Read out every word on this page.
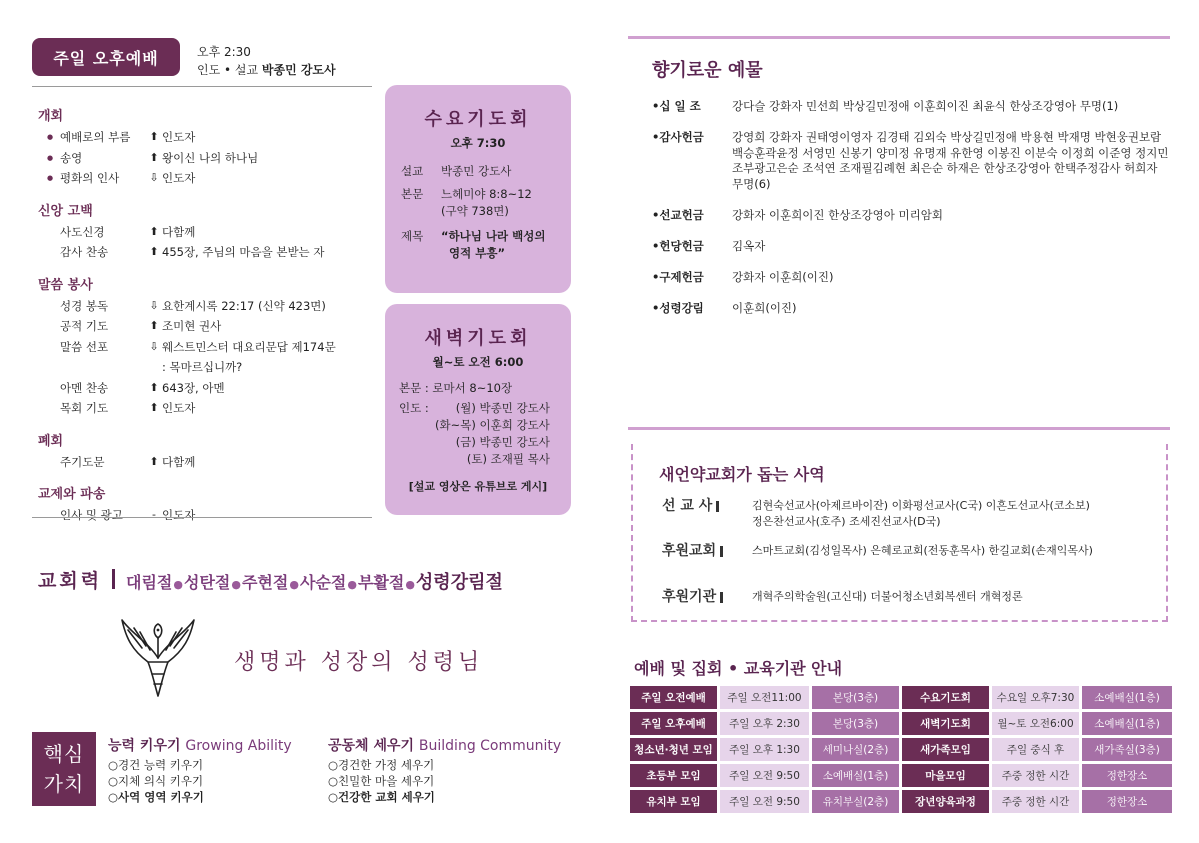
주일 오후예배	오후 2:30
인도 • 설교 박종민 강도사
개회
● 예배로의 부름	⬆ 인도자
● 송영	⬆ 왕이신 나의 하나님
● 평화의 인사	⇩ 인도자
신앙 고백
사도신경	⬆ 다함께
감사 찬송	⬆ 455장, 주님의 마음을 본받는 자
말씀 봉사
성경 봉독	⇩ 요한계시록 22:17 (신약 423면)
공적 기도	⬆ 조미현 권사
말씀 선포	⇩ 웨스트민스터 대요리문답 제174문
: 목마르십니까?
아멘 찬송	⬆ 643장, 아멘
목회 기도	⬆ 인도자
폐회
주기도문	⬆ 다함께
교제와 파송
인사 및 광고	- 인도자
수요기도회
오후 7:30
설교	박종민 강도사
본문	느헤미야 8:8~12
(구약 738면)
제목	“하나님 나라 백성의
영적 부흥”
새벽기도회
월~토 오전 6:00
본문 : 로마서 8~10장
인도 :	(월) 박종민 강도사
(화~목) 이훈희 강도사
(금) 박종민 강도사
(토) 조재필 목사
[설교 영상은 유튜브로 게시]
교회력 대림절●성탄절●주현절●사순절●부활절●성령강림절
생명과 성장의 성령님
핵심
가치
능력 키우기 Growing Ability
○경건 능력 키우기
○지체 의식 키우기
○사역 영역 키우기
공동체 세우기 Building Community
○경건한 가정 세우기
○친밀한 마을 세우기
○건강한 교회 세우기
향기로운 예물
•십 일 조	강다슬 강화자 민선희 박상길민정애 이훈희이진 최윤식 한상조강영아 무명(1)
•감사헌금	강영희 강화자 권태영이영자 김경태 김외숙 박상길민정애 박용현 박재명 박현웅권보람 백승훈곽윤정 서영민 신봉기 양미정 유명재 유한영 이봉진 이분숙 이정희 이준영 정지민 조부광고은순 조석연 조재필김례현 최은순 하재은 한상조강영아 한택주정감사 허희자 무명(6)
•선교헌금	강화자 이훈희이진 한상조강영아 미리암회
•헌당헌금	김옥자
•구제헌금	강화자 이훈희(이진)
•성령강림	이훈희(이진)
새언약교회가 돕는 사역
선 교 사	김현숙선교사(아제르바이잔) 이화평선교사(C국) 이흔도선교사(코소보)
정은찬선교사(호주) 조세진선교사(D국)
후원교회	스마트교회(김성일목사) 은혜로교회(전동훈목사) 한길교회(손재익목사)
후원기관	개혁주의학술원(고신대) 더불어청소년회복센터 개혁정론
예배 및 집회 • 교육기관 안내
주일 오전예배	주일 오전11:00	본당(3층)	수요기도회	수요일 오후7:30	소예배실(1층)
주일 오후예배	주일 오후 2:30	본당(3층)	새벽기도회	월~토 오전6:00	소예배실(1층)
청소년·청년 모임	주일 오후 1:30	세미나실(2층)	새가족모임	주일 중식 후	새가족실(3층)
초등부 모임	주일 오전 9:50	소예배실(1층)	마을모임	주중 정한 시간	정한장소
유치부 모임	주일 오전 9:50	유치부실(2층)	장년양육과정	주중 정한 시간	정한장소
